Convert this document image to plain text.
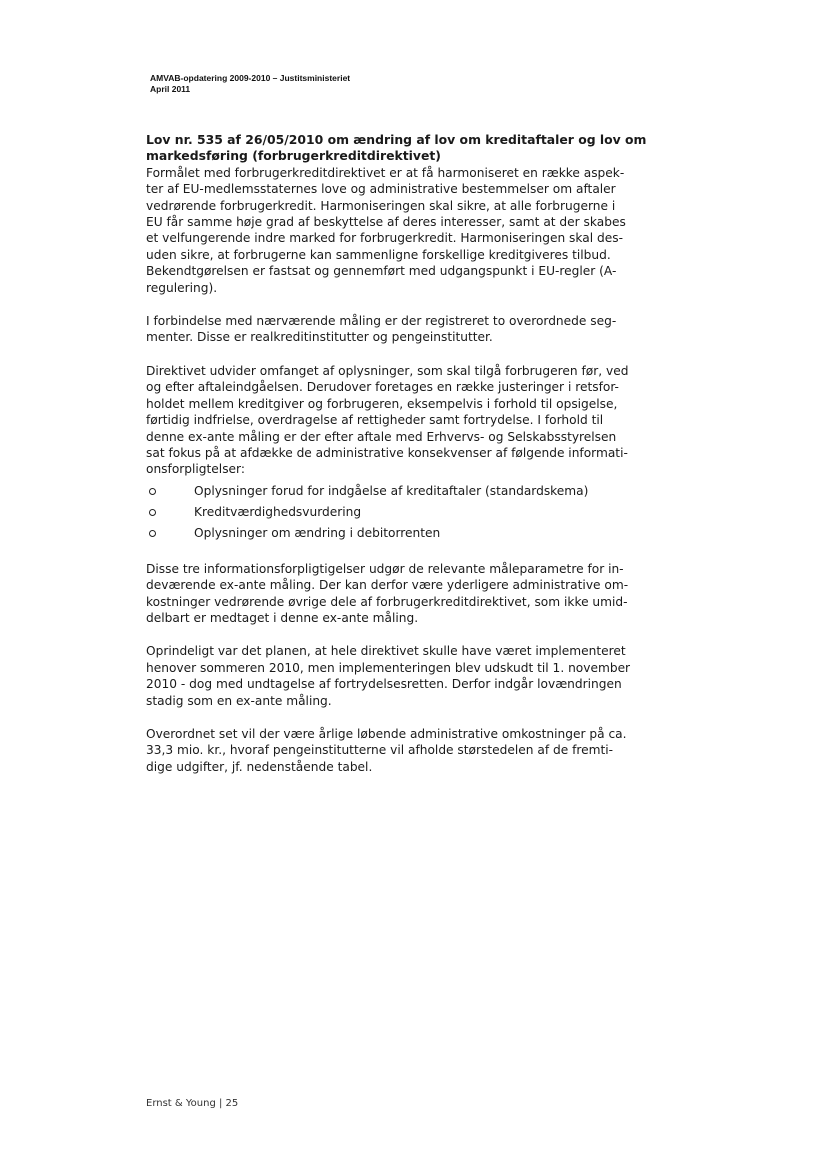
AMVAB-opdatering 2009-2010 – Justitsministeriet
April 2011
Lov nr. 535 af 26/05/2010 om ændring af lov om kreditaftaler og lov om
markedsføring (forbrugerkreditdirektivet)
Formålet med forbrugerkreditdirektivet er at få harmoniseret en række aspek-
ter af EU-medlemsstaternes love og administrative bestemmelser om aftaler
vedrørende forbrugerkredit. Harmoniseringen skal sikre, at alle forbrugerne i
EU får samme høje grad af beskyttelse af deres interesser, samt at der skabes
et velfungerende indre marked for forbrugerkredit. Harmoniseringen skal des-
uden sikre, at forbrugerne kan sammenligne forskellige kreditgiveres tilbud.
Bekendtgørelsen er fastsat og gennemført med udgangspunkt i EU-regler (A-
regulering).
I forbindelse med nærværende måling er der registreret to overordnede seg-
menter. Disse er realkreditinstitutter og pengeinstitutter.
Direktivet udvider omfanget af oplysninger, som skal tilgå forbrugeren før, ved
og efter aftaleindgåelsen. Derudover foretages en række justeringer i retsfor-
holdet mellem kreditgiver og forbrugeren, eksempelvis i forhold til opsigelse,
førtidig indfrielse, overdragelse af rettigheder samt fortrydelse. I forhold til
denne ex-ante måling er der efter aftale med Erhvervs- og Selskabsstyrelsen
sat fokus på at afdække de administrative konsekvenser af følgende informati-
onsforpligtelser:
Oplysninger forud for indgåelse af kreditaftaler (standardskema)
Kreditværdighedsvurdering
Oplysninger om ændring i debitorrenten
Disse tre informationsforpligtigelser udgør de relevante måleparametre for in-
deværende ex-ante måling. Der kan derfor være yderligere administrative om-
kostninger vedrørende øvrige dele af forbrugerkreditdirektivet, som ikke umid-
delbart er medtaget i denne ex-ante måling.
Oprindeligt var det planen, at hele direktivet skulle have været implementeret
henover sommeren 2010, men implementeringen blev udskudt til 1. november
2010 - dog med undtagelse af fortrydelsesretten. Derfor indgår lovændringen
stadig som en ex-ante måling.
Overordnet set vil der være årlige løbende administrative omkostninger på ca.
33,3 mio. kr., hvoraf pengeinstitutterne vil afholde størstedelen af de fremti-
dige udgifter, jf. nedenstående tabel.
Ernst & Young | 25
